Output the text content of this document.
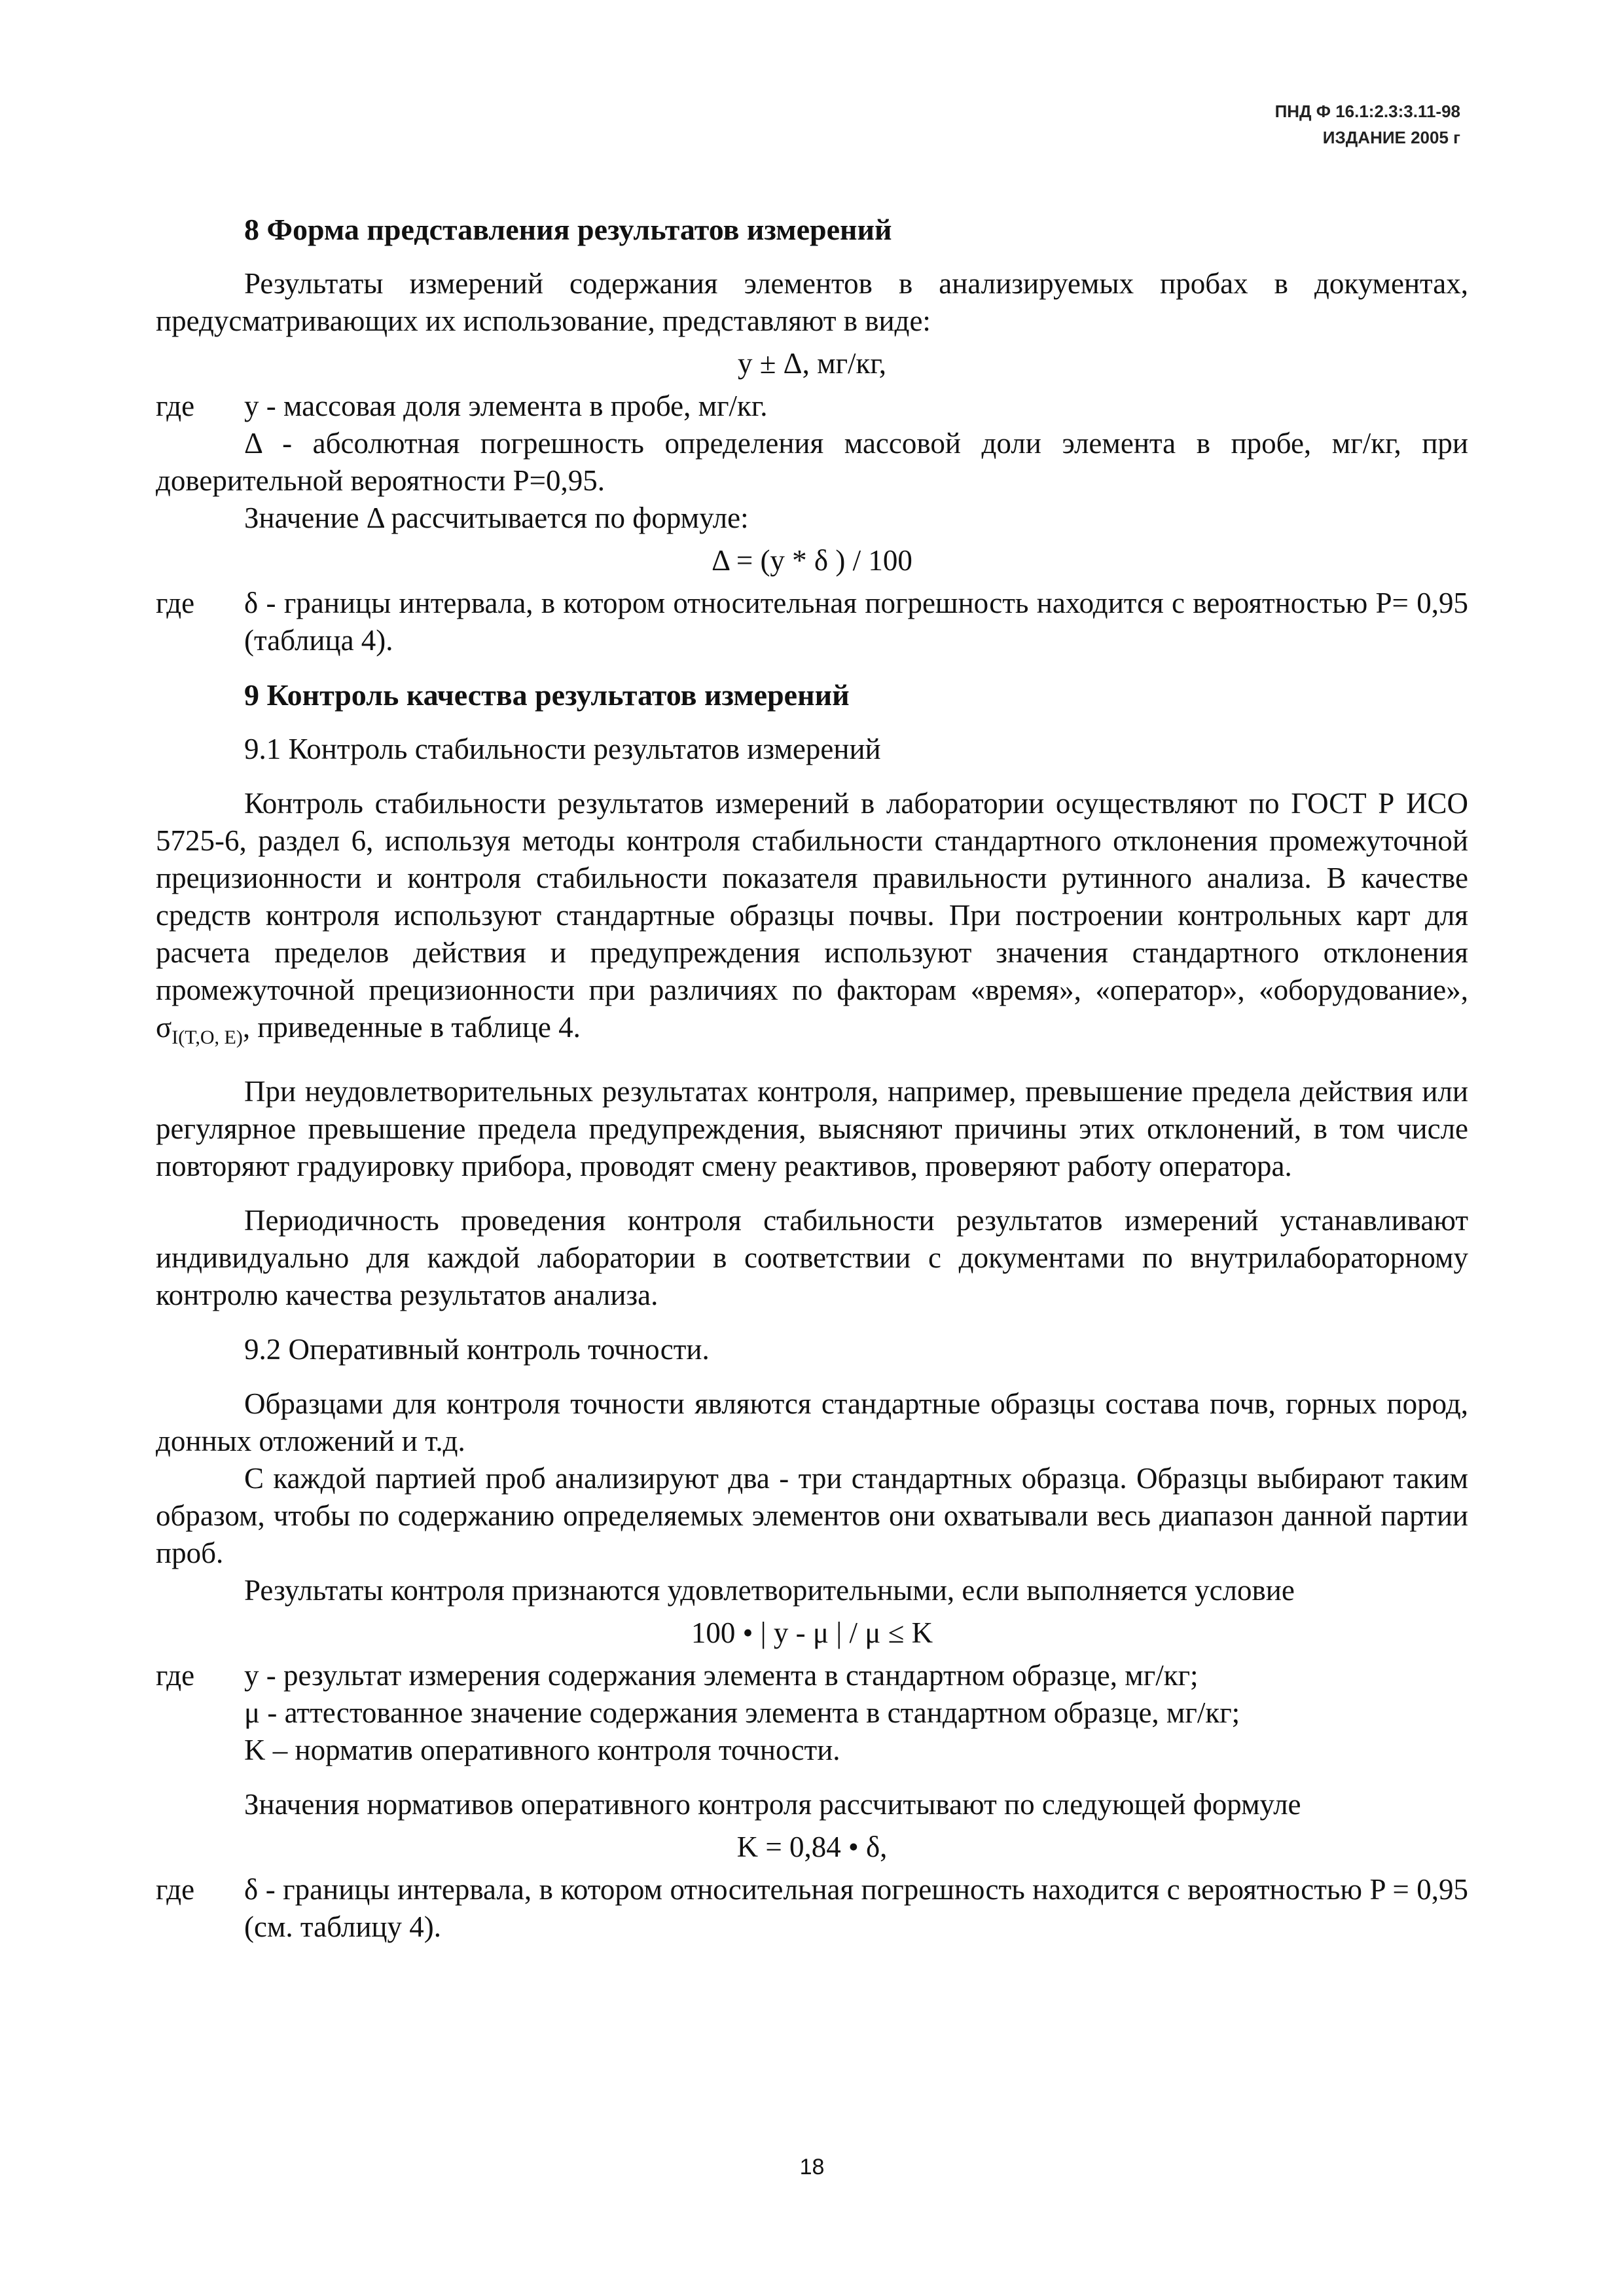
ПНД Ф 16.1:2.3:3.11-98
ИЗДАНИЕ 2005 г
8 Форма представления результатов измерений

Результаты измерений содержания элементов в анализируемых пробах в документах, предусматривающих их использование, представляют в виде:

y ± Δ, мг/кг,

где	y - массовая доля элемента в пробе, мг/кг.

Δ - абсолютная погрешность определения массовой доли элемента в пробе, мг/кг, при доверительной вероятности P=0,95.

Значение Δ рассчитывается по формуле:

Δ = (y * δ ) / 100

где	δ - границы интервала, в котором относительная погрешность находится с вероятностью P= 0,95 (таблица 4).
9 Контроль качества результатов измерений

9.1 Контроль стабильности результатов измерений

Контроль стабильности результатов измерений в лаборатории осуществляют по ГОСТ Р ИСО 5725-6, раздел 6, используя методы контроля стабильности стандартного отклонения промежуточной прецизионности и контроля стабильности показателя правильности рутинного анализа. В качестве средств контроля используют стандартные образцы почвы. При построении контрольных карт для расчета пределов действия и предупреждения используют значения стандартного отклонения промежуточной прецизионности при различиях по факторам «время», «оператор», «оборудование», $\sigma_{I(T,O, E)}$, приведенные в таблице 4.

При неудовлетворительных результатах контроля, например, превышение предела действия или регулярное превышение предела предупреждения, выясняют причины этих отклонений, в том числе повторяют градуировку прибора, проводят смену реактивов, проверяют работу оператора.

Периодичность проведения контроля стабильности результатов измерений устанавливают индивидуально для каждой лаборатории в соответствии с документами по внутрилабораторному контролю качества результатов анализа.

9.2 Оперативный контроль точности.

Образцами для контроля точности являются стандартные образцы состава почв, горных пород, донных отложений и т.д.

С каждой партией проб анализируют два - три стандартных образца. Образцы выбирают таким образом, чтобы по содержанию определяемых элементов они охватывали весь диапазон данной партии проб.

Результаты контроля признаются удовлетворительными, если выполняется условие

100 • | y - μ | / μ ≤ K

где	y - результат измерения содержания элемента в стандартном образце, мг/кг;

μ - аттестованное значение содержания элемента в стандартном образце, мг/кг;

K – норматив оперативного контроля точности.

Значения нормативов оперативного контроля рассчитывают по следующей формуле

K = 0,84 • δ,

где	δ - границы интервала, в котором относительная погрешность находится с вероятностью P = 0,95 (см. таблицу 4).
18
